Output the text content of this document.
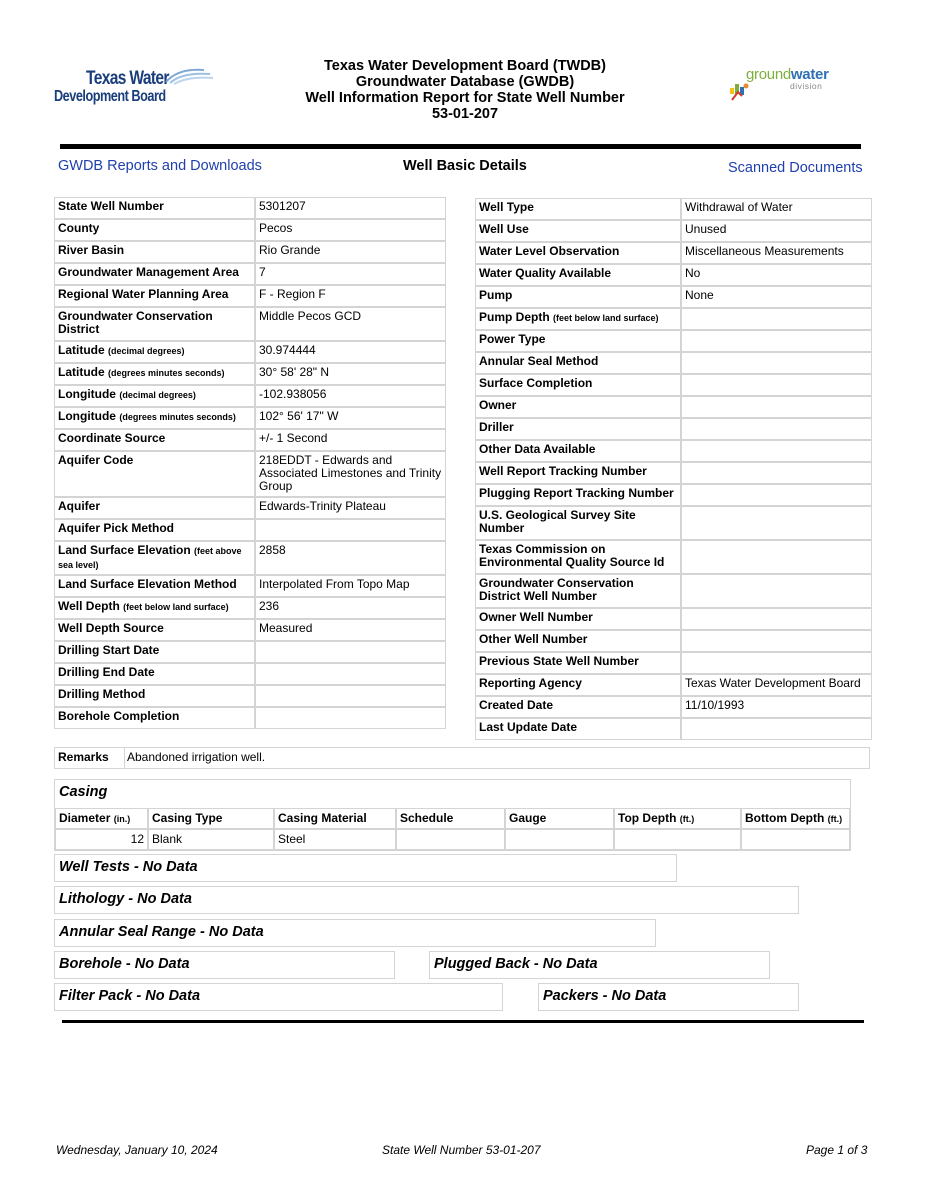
Texas Water
Development Board
Texas Water Development Board (TWDB)
Groundwater Database (GWDB)
Well Information Report for State Well Number
53-01-207
groundwater
division
GWDB Reports and Downloads	Well Basic Details	Scanned Documents
State Well Number	5301207
County	Pecos
River Basin	Rio Grande
Groundwater Management Area	7
Regional Water Planning Area	F - Region F
Groundwater Conservation District	Middle Pecos GCD
Latitude (decimal degrees)	30.974444
Latitude (degrees minutes seconds)	30° 58' 28" N
Longitude (decimal degrees)	-102.938056
Longitude (degrees minutes seconds)	102° 56' 17" W
Coordinate Source	+/- 1 Second
Aquifer Code	218EDDT - Edwards and Associated Limestones and Trinity Group
Aquifer	Edwards-Trinity Plateau
Aquifer Pick Method	
Land Surface Elevation (feet above sea level)	2858
Land Surface Elevation Method	Interpolated From Topo Map
Well Depth (feet below land surface)	236
Well Depth Source	Measured
Drilling Start Date	
Drilling End Date	
Drilling Method	
Borehole Completion	
Well Type	Withdrawal of Water
Well Use	Unused
Water Level Observation	Miscellaneous Measurements
Water Quality Available	No
Pump	None
Pump Depth (feet below land surface)	
Power Type	
Annular Seal Method	
Surface Completion	
Owner	
Driller	
Other Data Available	
Well Report Tracking Number	
Plugging Report Tracking Number	
U.S. Geological Survey Site Number	
Texas Commission on Environmental Quality Source Id	
Groundwater Conservation District Well Number	
Owner Well Number	
Other Well Number	
Previous State Well Number	
Reporting Agency	Texas Water Development Board
Created Date	11/10/1993
Last Update Date	
Remarks	Abandoned irrigation well.
Casing
Diameter (in.)	Casing Type	Casing Material	Schedule	Gauge	Top Depth (ft.)	Bottom Depth (ft.)
12	Blank	Steel				
Well Tests - No Data
Lithology - No Data
Annular Seal Range - No Data
Borehole - No Data	Plugged Back - No Data
Filter Pack - No Data	Packers - No Data
Wednesday, January 10, 2024	State Well Number 53-01-207	Page 1 of 3
